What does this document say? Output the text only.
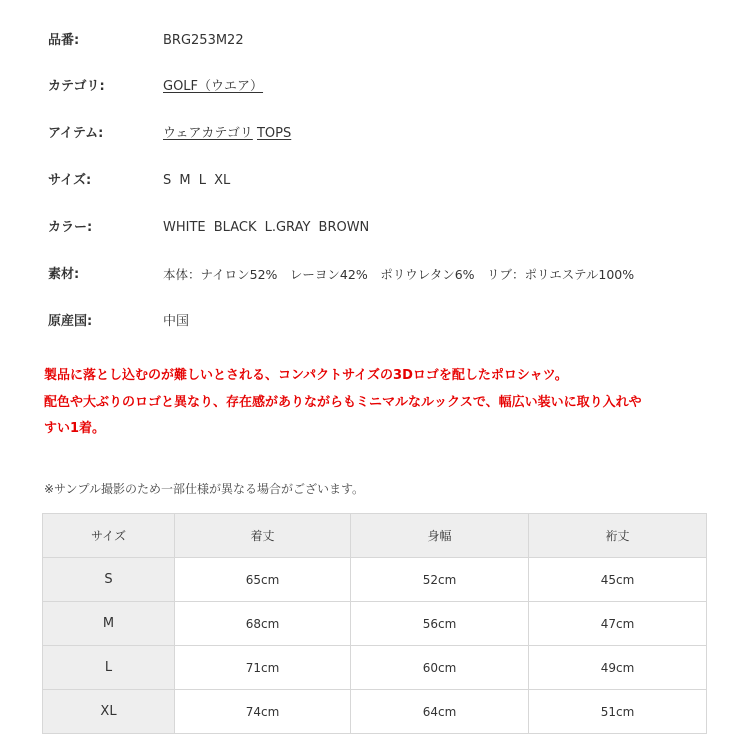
品番:	BRG253M22
カテゴリ:	GOLF（ウエア）
アイテム:	ウェアカテゴリ TOPS
サイズ:	S M L XL
カラー:	WHITE BLACK L.GRAY BROWN
素材:	本体：ナイロン52%　レーヨン42%　ポリウレタン6%　リブ：ポリエステル100%
原産国:	中国
製品に落とし込むのが難しいとされる、コンパクトサイズの3Dロゴを配したポロシャツ。
配色や大ぶりのロゴと異なり、存在感がありながらもミニマルなルックスで、幅広い装いに取り入れや
すい1着。
※サンプル撮影のため一部仕様が異なる場合がございます。
サイズ	着丈	身幅	裄丈
S	65cm	52cm	45cm
M	68cm	56cm	47cm
L	71cm	60cm	49cm
XL	74cm	64cm	51cm
